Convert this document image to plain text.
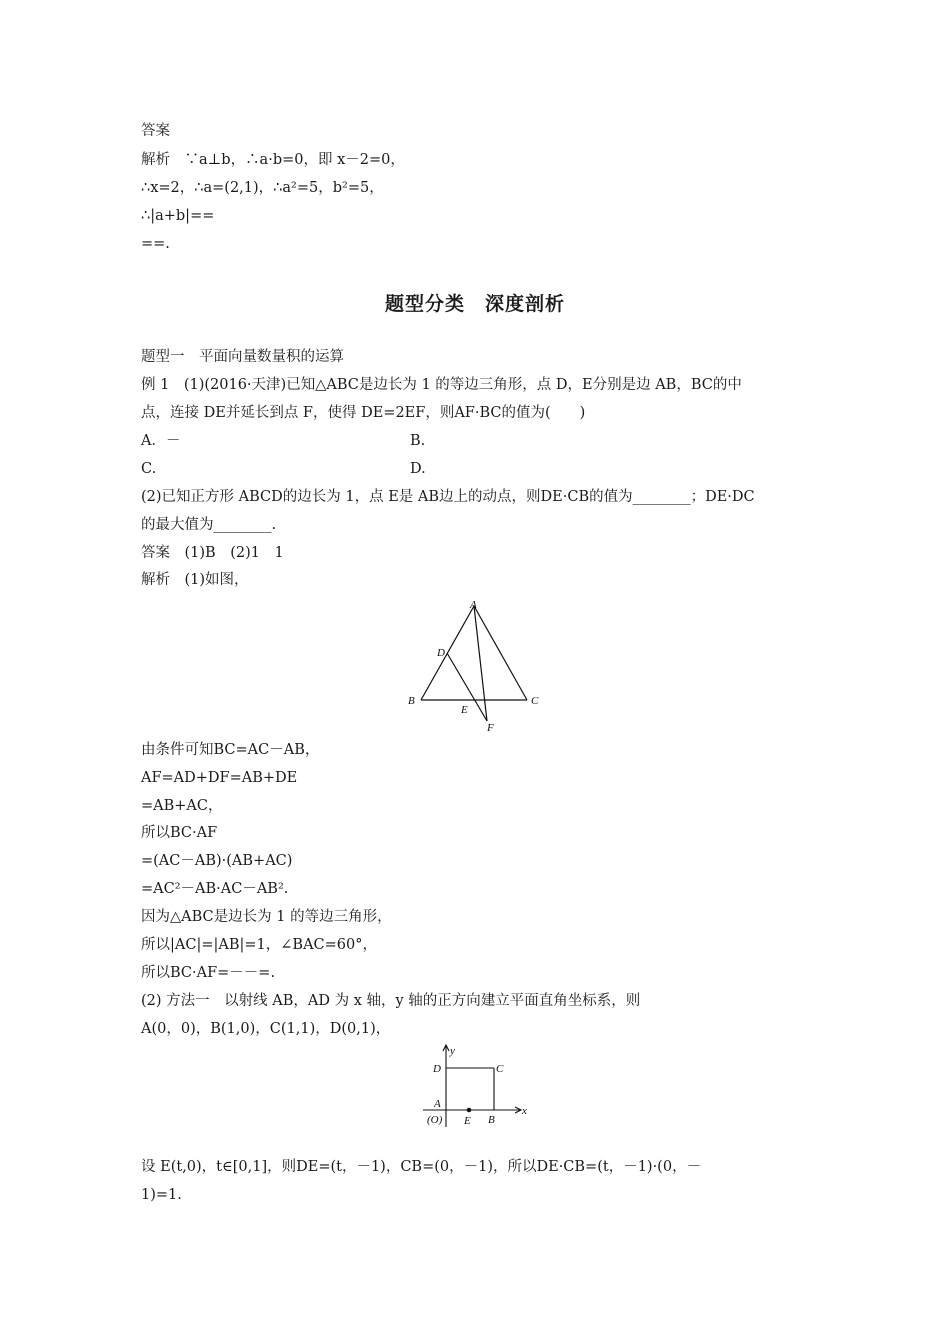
答案
解析　∵a⊥b，∴a·b=0，即 x－2=0，
∴x=2，∴a=(2,1)，∴a²=5，b²=5，
∴|a+b|==
==.
题型分类　深度剖析
题型一　平面向量数量积的运算
例 1　(1)(2016·天津)已知△ABC是边长为 1 的等边三角形，点 D，E分别是边 AB，BC的中
点，连接 DE并延长到点 F，使得 DE=2EF，则AF·BC的值为(　　)
A．－	B.
C.	D.
(2)已知正方形 ABCD的边长为 1，点 E是 AB边上的动点，则DE·CB的值为________；DE·DC
的最大值为________.
答案　(1)B　(2)1　1
解析　(1)如图，
A
B	C
D
E
F
由条件可知BC=AC－AB，
AF=AD+DF=AB+DE
=AB+AC，
所以BC·AF
=(AC－AB)·(AB+AC)
=AC²－AB·AC－AB².
因为△ABC是边长为 1 的等边三角形，
所以|AC|=|AB|=1，∠BAC=60°，
所以BC·AF=－－=.
(2) 方法一　以射线 AB，AD 为 x 轴，y 轴的正方向建立平面直角坐标系，则
A(0，0)，B(1,0)，C(1,1)，D(0,1)，
y
D	C
A
(O) E B
x
设 E(t,0)，t∈[0,1]，则DE=(t，－1)，CB=(0，－1)，所以DE·CB=(t，－1)·(0，－
1)=1.
